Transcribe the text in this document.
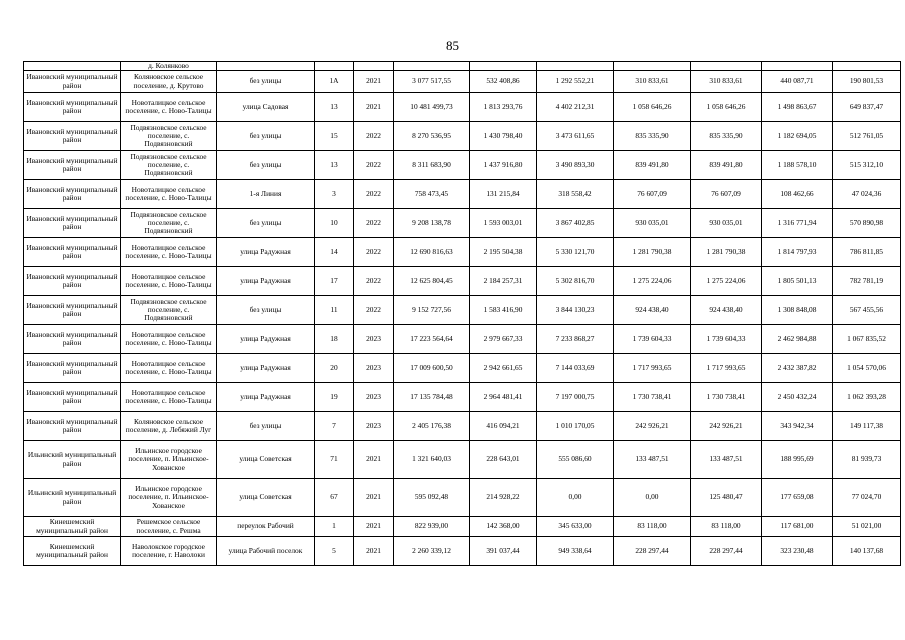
85
	д. Колянково										
Ивановский муниципальный район	Коляновское сельское поселение, д. Крутово	без улицы	1А	2021	3 077 517,55	532 408,86	1 292 552,21	310 833,61	310 833,61	440 087,71	190 801,53
Ивановский муниципальный район	Новоталицкое сельское поселение, с. Ново-Талицы	улица Садовая	13	2021	10 481 499,73	1 813 293,76	4 402 212,31	1 058 646,26	1 058 646,26	1 498 863,67	649 837,47
Ивановский муниципальный район	Подвязновское сельское поселение, с. Подвязновский	без улицы	15	2022	8 270 536,95	1 430 798,40	3 473 611,65	835 335,90	835 335,90	1 182 694,05	512 761,05
Ивановский муниципальный район	Подвязновское сельское поселение, с. Подвязновский	без улицы	13	2022	8 311 683,90	1 437 916,80	3 490 893,30	839 491,80	839 491,80	1 188 578,10	515 312,10
Ивановский муниципальный район	Новоталицкое сельское поселение, с. Ново-Талицы	1-я Линия	3	2022	758 473,45	131 215,84	318 558,42	76 607,09	76 607,09	108 462,66	47 024,36
Ивановский муниципальный район	Подвязновское сельское поселение, с. Подвязновский	без улицы	10	2022	9 208 138,78	1 593 003,01	3 867 402,85	930 035,01	930 035,01	1 316 771,94	570 890,98
Ивановский муниципальный район	Новоталицкое сельское поселение, с. Ново-Талицы	улица Радужная	14	2022	12 690 816,63	2 195 504,38	5 330 121,70	1 281 790,38	1 281 790,38	1 814 797,93	786 811,85
Ивановский муниципальный район	Новоталицкое сельское поселение, с. Ново-Талицы	улица Радужная	17	2022	12 625 804,45	2 184 257,31	5 302 816,70	1 275 224,06	1 275 224,06	1 805 501,13	782 781,19
Ивановский муниципальный район	Подвязновское сельское поселение, с. Подвязновский	без улицы	11	2022	9 152 727,56	1 583 416,90	3 844 130,23	924 438,40	924 438,40	1 308 848,08	567 455,56
Ивановский муниципальный район	Новоталицкое сельское поселение, с. Ново-Талицы	улица Радужная	18	2023	17 223 564,64	2 979 667,33	7 233 868,27	1 739 604,33	1 739 604,33	2 462 984,88	1 067 835,52
Ивановский муниципальный район	Новоталицкое сельское поселение, с. Ново-Талицы	улица Радужная	20	2023	17 009 600,50	2 942 661,65	7 144 033,69	1 717 993,65	1 717 993,65	2 432 387,82	1 054 570,06
Ивановский муниципальный район	Новоталицкое сельское поселение, с. Ново-Талицы	улица Радужная	19	2023	17 135 784,48	2 964 481,41	7 197 000,75	1 730 738,41	1 730 738,41	2 450 432,24	1 062 393,28
Ивановский муниципальный район	Коляновское сельское поселение, д. Лебяжий Луг	без улицы	7	2023	2 405 176,38	416 094,21	1 010 170,05	242 926,21	242 926,21	343 942,34	149 117,38
Ильинский муниципальный район	Ильинское городское поселение, п. Ильинское-Хованское	улица Советская	71	2021	1 321 640,03	228 643,01	555 086,60	133 487,51	133 487,51	188 995,69	81 939,73
Ильинский муниципальный район	Ильинское городское поселение, п. Ильинское-Хованское	улица Советская	67	2021	595 092,48	214 928,22	0,00	0,00	125 480,47	177 659,08	77 024,70
Кинешемский муниципальный район	Решемское сельское поселение, с. Решма	переулок Рабочий	1	2021	822 939,00	142 368,00	345 633,00	83 118,00	83 118,00	117 681,00	51 021,00
Кинешемский муниципальный район	Наволокское городское поселение, г. Наволоки	улица Рабочий поселок	5	2021	2 260 339,12	391 037,44	949 338,64	228 297,44	228 297,44	323 230,48	140 137,68
